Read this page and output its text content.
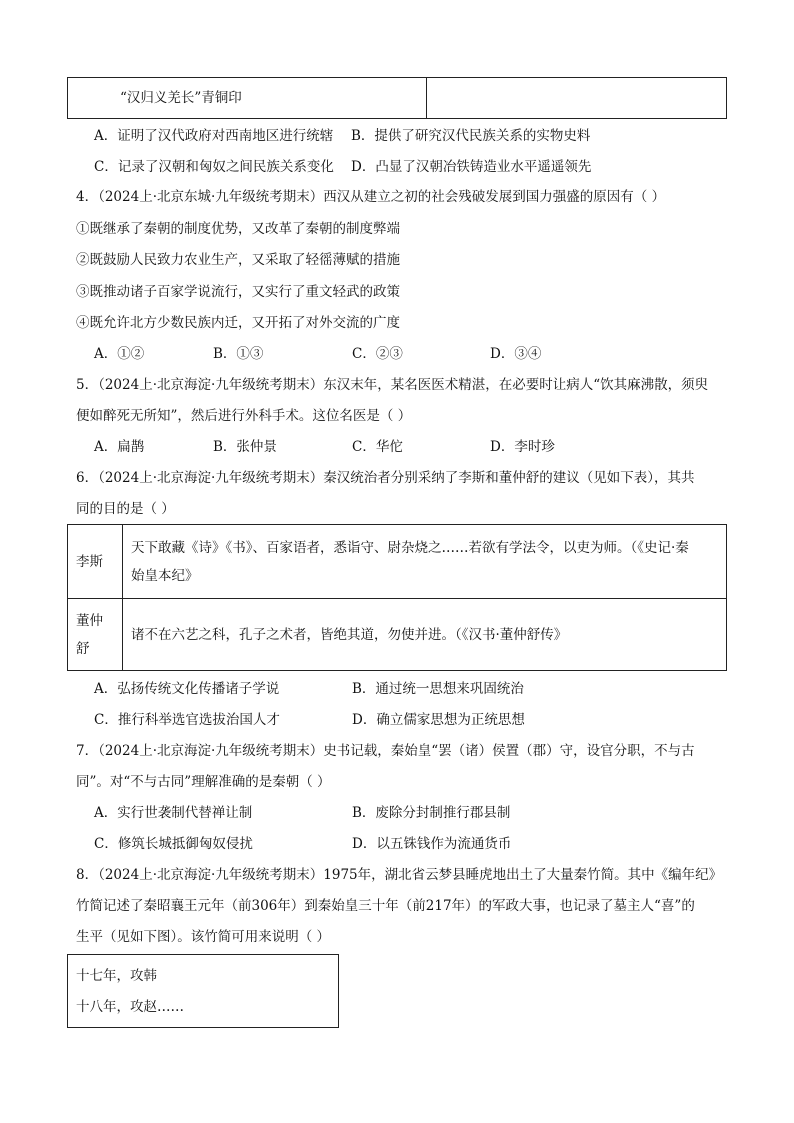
“汉归义羌长”青铜印	
A．证明了汉代政府对西南地区进行统辖 B．提供了研究汉代民族关系的实物史料
C．记录了汉朝和匈奴之间民族关系变化 D．凸显了汉朝冶铁铸造业水平遥遥领先
4．（2024上·北京东城·九年级统考期末）西汉从建立之初的社会残破发展到国力强盛的原因有（ ）
①既继承了秦朝的制度优势，又改革了秦朝的制度弊端
②既鼓励人民致力农业生产，又采取了轻徭薄赋的措施
③既推动诸子百家学说流行，又实行了重文轻武的政策
④既允许北方少数民族内迁，又开拓了对外交流的广度
A．①②	B．①③	C．②③	D．③④
5．（2024上·北京海淀·九年级统考期末）东汉末年，某名医医术精湛，在必要时让病人“饮其麻沸散，须臾
便如醉死无所知”，然后进行外科手术。这位名医是（ ）
A．扁鹊	B．张仲景	C．华佗	D．李时珍
6．（2024上·北京海淀·九年级统考期末）秦汉统治者分别采纳了李斯和董仲舒的建议（见如下表），其共
同的目的是（ ）
李斯	天下敢藏《诗》《书》、百家语者，悉诣守、尉杂烧之……若欲有学法令，以吏为师。（《史记·秦
始皇本纪》

董仲
舒	诸不在六艺之科，孔子之术者，皆绝其道，勿使并进。（《汉书·董仲舒传》
A．弘扬传统文化传播诸子学说	B．通过统一思想来巩固统治
C．推行科举选官选拔治国人才	D．确立儒家思想为正统思想
7．（2024上·北京海淀·九年级统考期末）史书记载，秦始皇“罢（诸）侯置（郡）守，设官分职，不与古
同”。对“不与古同”理解准确的是秦朝（ ）
A．实行世袭制代替禅让制	B．废除分封制推行郡县制
C．修筑长城抵御匈奴侵扰	D．以五铢钱作为流通货币
8．（2024上·北京海淀·九年级统考期末）1975年，湖北省云梦县睡虎地出土了大量秦竹简。其中《编年纪》
竹简记述了秦昭襄王元年（前306年）到秦始皇三十年（前217年）的军政大事，也记录了墓主人“喜”的
生平（见如下图）。该竹简可用来说明（ ）
十七年，攻韩
十八年，攻赵……
